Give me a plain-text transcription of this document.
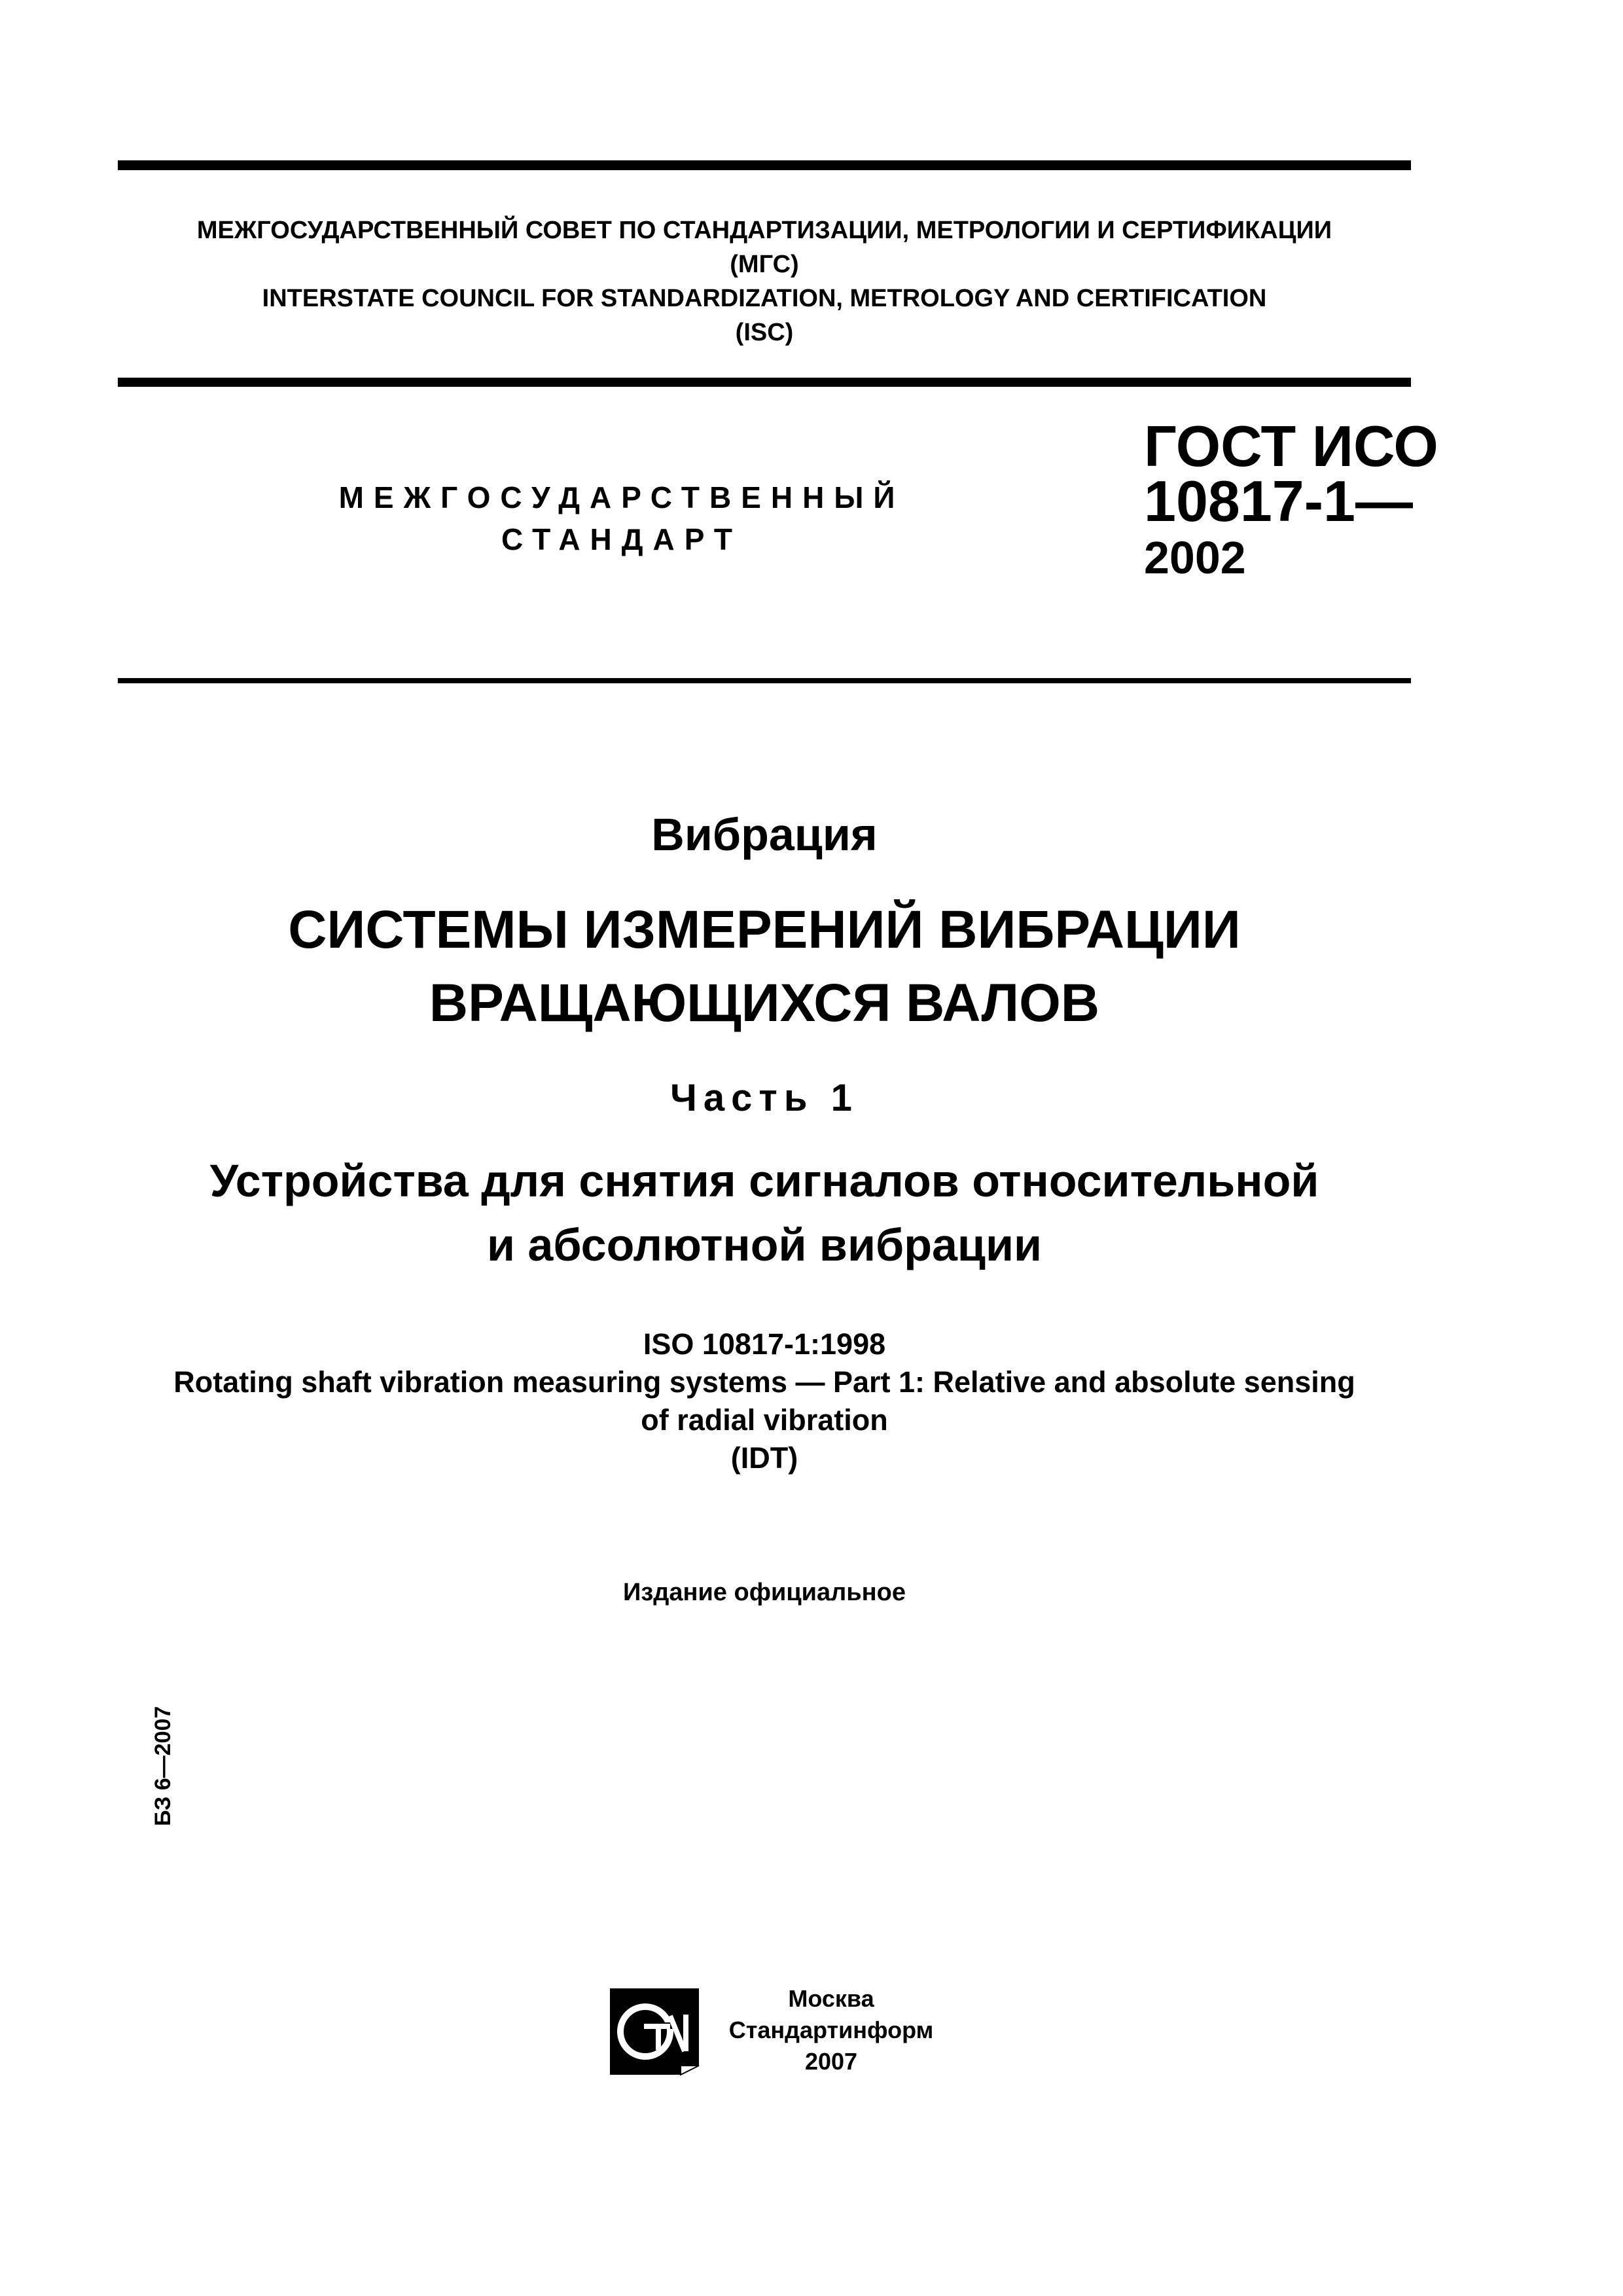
МЕЖГОСУДАРСТВЕННЫЙ СОВЕТ ПО СТАНДАРТИЗАЦИИ, МЕТРОЛОГИИ И СЕРТИФИКАЦИИ
(МГС)
INTERSTATE COUNCIL FOR STANDARDIZATION, METROLOGY AND CERTIFICATION
(ISC)
МЕЖГОСУДАРСТВЕННЫЙ
СТАНДАРТ
ГОСТ ИСО
10817-1—
2002
Вибрация
СИСТЕМЫ ИЗМЕРЕНИЙ ВИБРАЦИИ
ВРАЩАЮЩИХСЯ ВАЛОВ
Часть 1
Устройства для снятия сигналов относительной
и абсолютной вибрации
ISO 10817-1:1998
Rotating shaft vibration measuring systems — Part 1: Relative and absolute sensing
of radial vibration
(IDT)
Издание официальное
БЗ 6—2007
Москва
Стандартинформ
2007
